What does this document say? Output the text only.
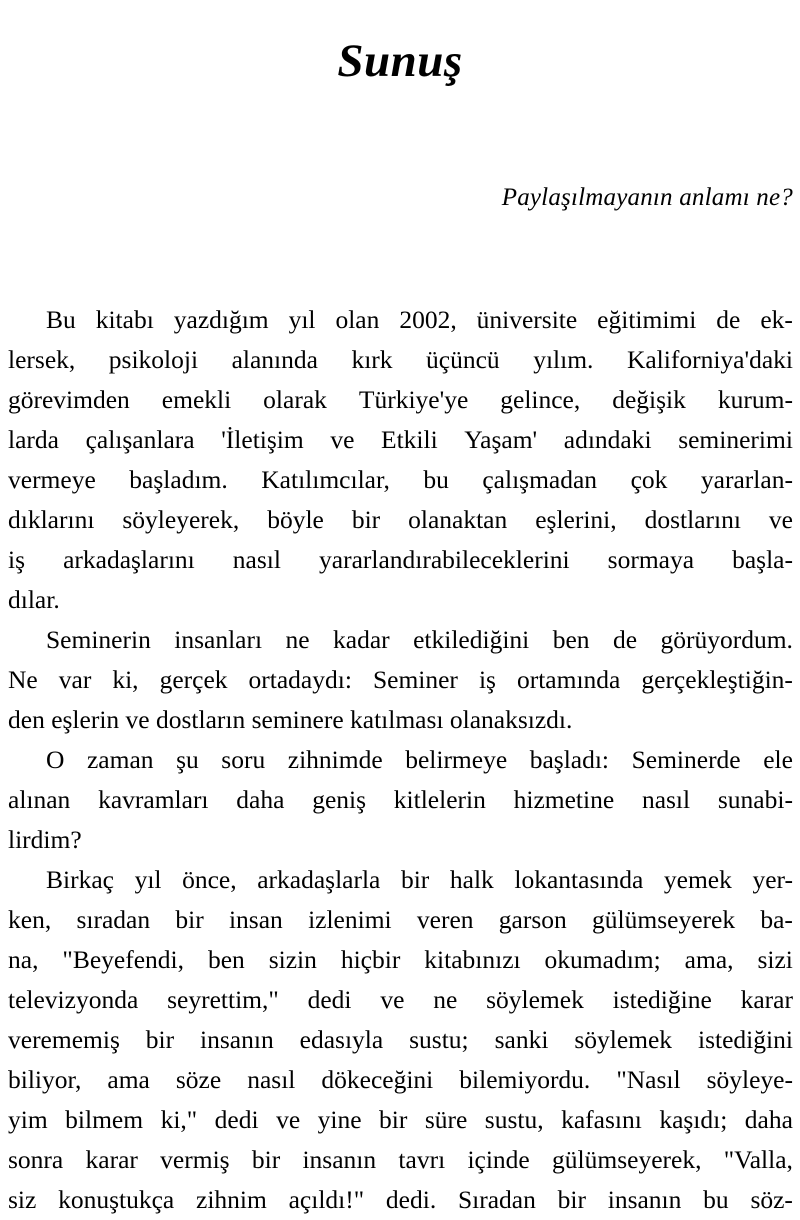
Sunuş
Paylaşılmayanın anlamı ne?

Bu kitabı yazdığım yıl olan 2002, üniversite eğitimimi de ek-
lersek, psikoloji alanında kırk üçüncü yılım. Kaliforniya'daki
görevimden emekli olarak Türkiye'ye gelince, değişik kurum-
larda çalışanlara 'İletişim ve Etkili Yaşam' adındaki seminerimi
vermeye başladım. Katılımcılar, bu çalışmadan çok yararlan-
dıklarını söyleyerek, böyle bir olanaktan eşlerini, dostlarını ve
iş arkadaşlarını nasıl yararlandırabileceklerini sormaya başla-
dılar.

Seminerin insanları ne kadar etkilediğini ben de görüyordum.
Ne var ki, gerçek ortadaydı: Seminer iş ortamında gerçekleştiğin-
den eşlerin ve dostların seminere katılması olanaksızdı.

O zaman şu soru zihnimde belirmeye başladı: Seminerde ele
alınan kavramları daha geniş kitlelerin hizmetine nasıl sunabi-
lirdim?

Birkaç yıl önce, arkadaşlarla bir halk lokantasında yemek yer-
ken, sıradan bir insan izlenimi veren garson gülümseyerek ba-
na, "Beyefendi, ben sizin hiçbir kitabınızı okumadım; ama, sizi
televizyonda seyrettim," dedi ve ne söylemek istediğine karar
verememiş bir insanın edasıyla sustu; sanki söylemek istediğini
biliyor, ama söze nasıl dökeceğini bilemiyordu. "Nasıl söyleye-
yim bilmem ki," dedi ve yine bir süre sustu, kafasını kaşıdı; daha
sonra karar vermiş bir insanın tavrı içinde gülümseyerek, "Valla,
siz konuştukça zihnim açıldı!" dedi. Sıradan bir insanın bu söz-
